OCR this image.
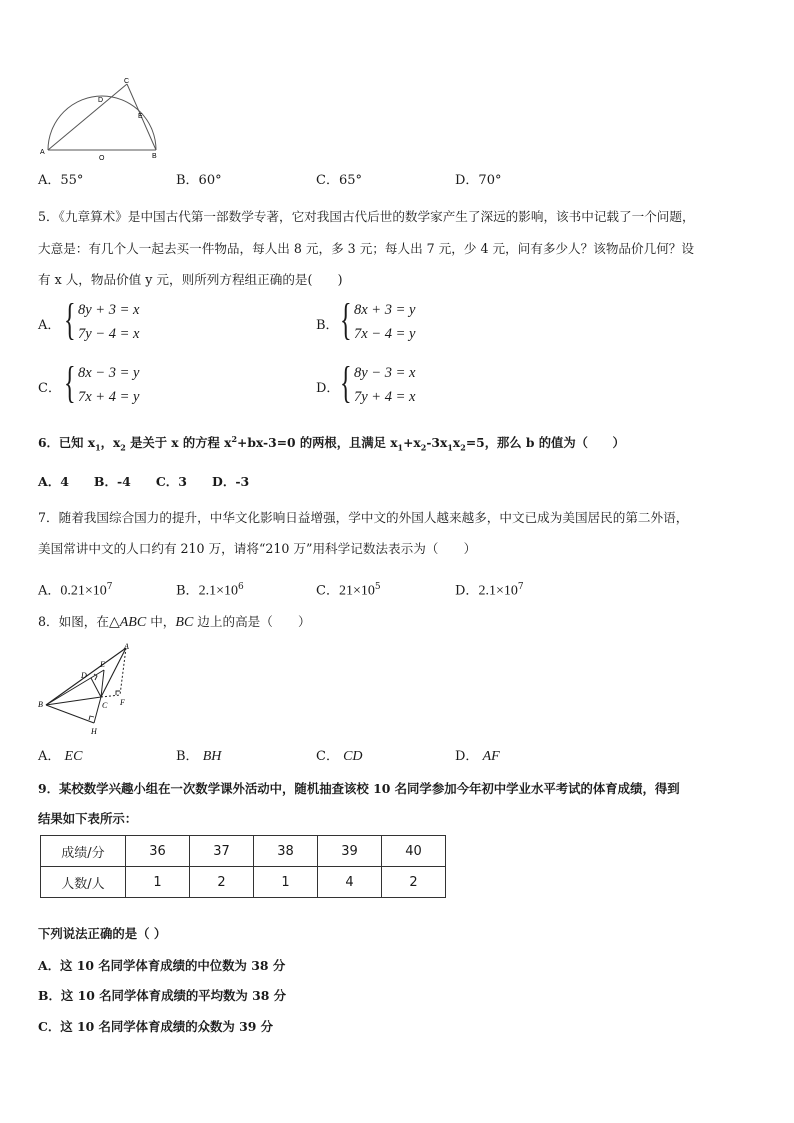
A
O	B
C
D
E
A．55°	B．60°	C．65°	D．70°
5．《九章算术》是中国古代第一部数学专著，它对我国古代后世的数学家产生了深远的影响，该书中记载了一个问题，
大意是：有几个人一起去买一件物品，每人出 8 元，多 3 元；每人出 7 元，少 4 元，问有多少人？该物品价几何？设
有 x 人，物品价值 y 元，则所列方程组正确的是(　　)
A． { 8y + 3 = x
7y − 4 = x
B． { 8x + 3 = y
7x − 4 = y
C． { 8x − 3 = y
7x + 4 = y
D． { 8y − 3 = x
7y + 4 = x
6．已知 $x_1$，$x_2$ 是关于 x 的方程 $x^2+bx-3=0$ 的两根，且满足 $x_1+x_2-3x_1x_2=5$，那么 b 的值为（　　）
A．4　　B．-4　　C．3　　D．-3
7．随着我国综合国力的提升，中华文化影响日益增强，学中文的外国人越来越多，中文已成为美国居民的第二外语，
美国常讲中文的人口约有 210 万，请将“210 万”用科学记数法表示为（　　）
A．$0.21\times 10^7$	B．$2.1\times 10^6$	C．$21\times 10^5$	D．$2.1\times 10^7$
8．如图，在△ABC 中，BC 边上的高是（　　）
A
B	C
D
E
F
H
A． EC	B． BH	C． CD	D． AF
9．某校数学兴趣小组在一次数学课外活动中，随机抽查该校 10 名同学参加今年初中学业水平考试的体育成绩，得到
结果如下表所示：
成绩/分	36	37	38	39	40
人数/人	1	2	1	4	2
下列说法正确的是（ ）
A．这 10 名同学体育成绩的中位数为 38 分
B．这 10 名同学体育成绩的平均数为 38 分
C．这 10 名同学体育成绩的众数为 39 分
